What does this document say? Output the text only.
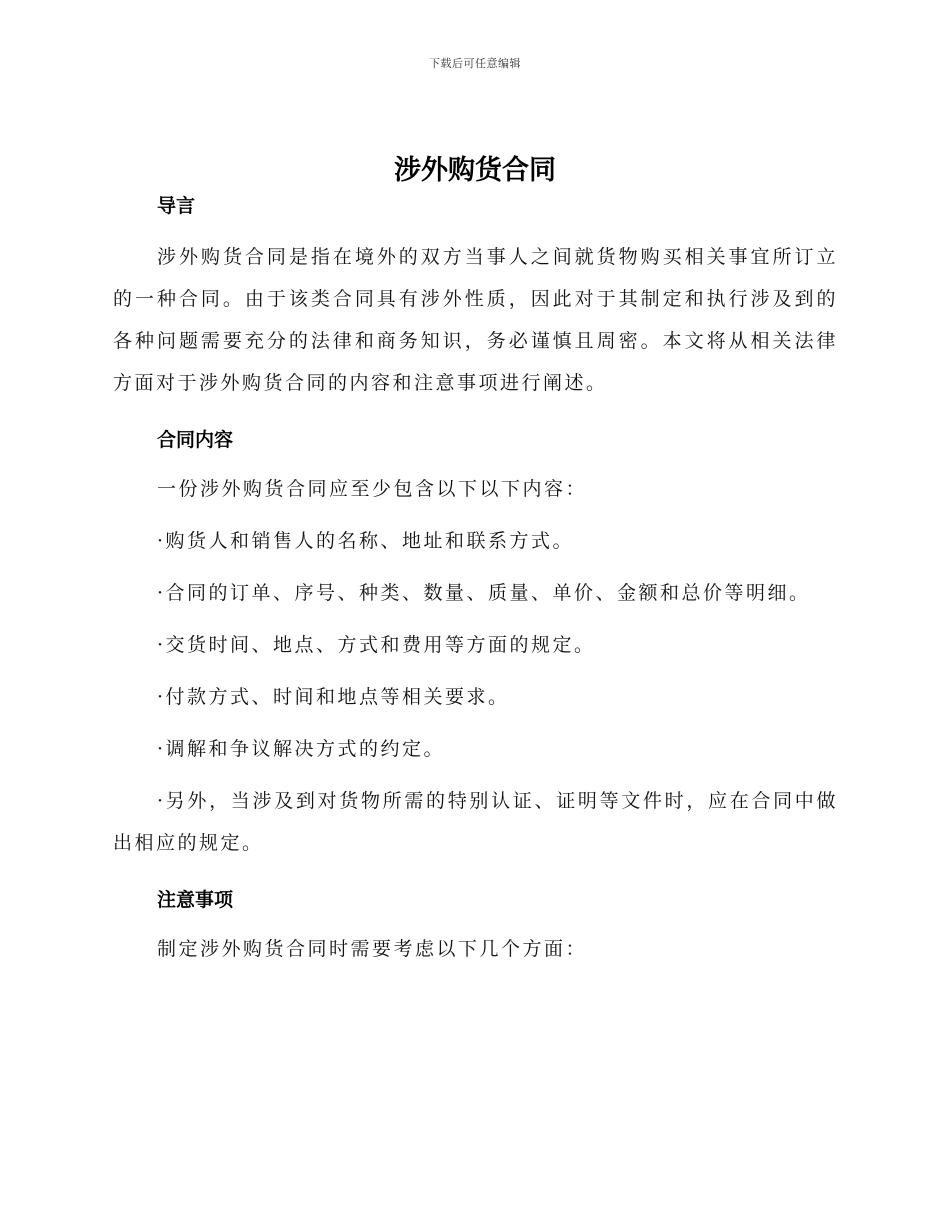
下载后可任意编辑
涉外购货合同
导言

涉外购货合同是指在境外的双方当事人之间就货物购买相关事宜所订立的一种合同。由于该类合同具有涉外性质，因此对于其制定和执行涉及到的各种问题需要充分的法律和商务知识，务必谨慎且周密。本文将从相关法律方面对于涉外购货合同的内容和注意事项进行阐述。

合同内容

一份涉外购货合同应至少包含以下以下内容：

·购货人和销售人的名称、地址和联系方式。

·合同的订单、序号、种类、数量、质量、单价、金额和总价等明细。

·交货时间、地点、方式和费用等方面的规定。

·付款方式、时间和地点等相关要求。

·调解和争议解决方式的约定。

·另外，当涉及到对货物所需的特别认证、证明等文件时，应在合同中做出相应的规定。

注意事项

制定涉外购货合同时需要考虑以下几个方面：
